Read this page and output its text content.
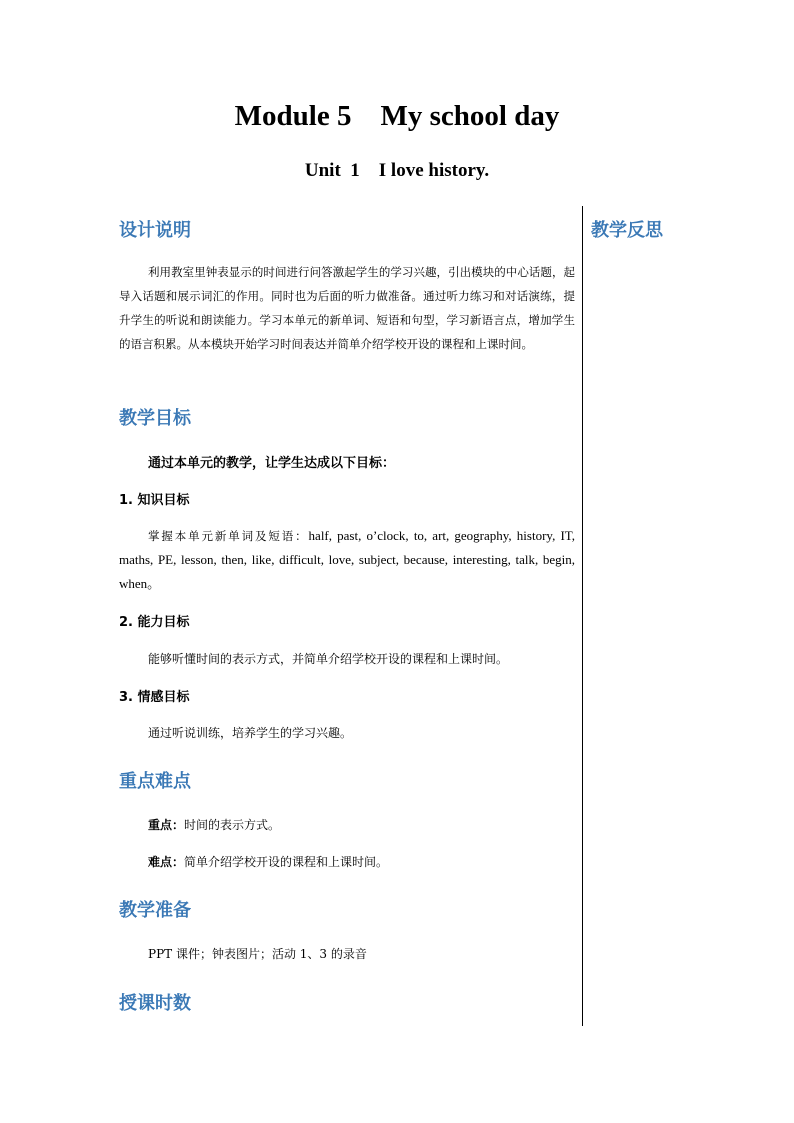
Module 5    My school day
Unit  1    I love history.
教学反思
设计说明
利用教室里钟表显示的时间进行问答激起学生的学习兴趣，引出模块的中心话题，起导入话题和展示词汇的作用。同时也为后面的听力做准备。通过听力练习和对话演练，提升学生的听说和朗读能力。学习本单元的新单词、短语和句型，学习新语言点，增加学生的语言积累。从本模块开始学习时间表达并简单介绍学校开设的课程和上课时间。
教学目标
通过本单元的教学，让学生达成以下目标：
1. 知识目标
掌握本单元新单词及短语：half, past, o’clock, to, art, geography, history, IT, maths, PE, lesson, then, like, difficult, love, subject, because, interesting, talk, begin, when。
2. 能力目标
能够听懂时间的表示方式，并简单介绍学校开设的课程和上课时间。
3. 情感目标
通过听说训练，培养学生的学习兴趣。
重点难点
重点：时间的表示方式。
难点：简单介绍学校开设的课程和上课时间。
教学准备
PPT 课件；钟表图片；活动 1、3 的录音
授课时数
